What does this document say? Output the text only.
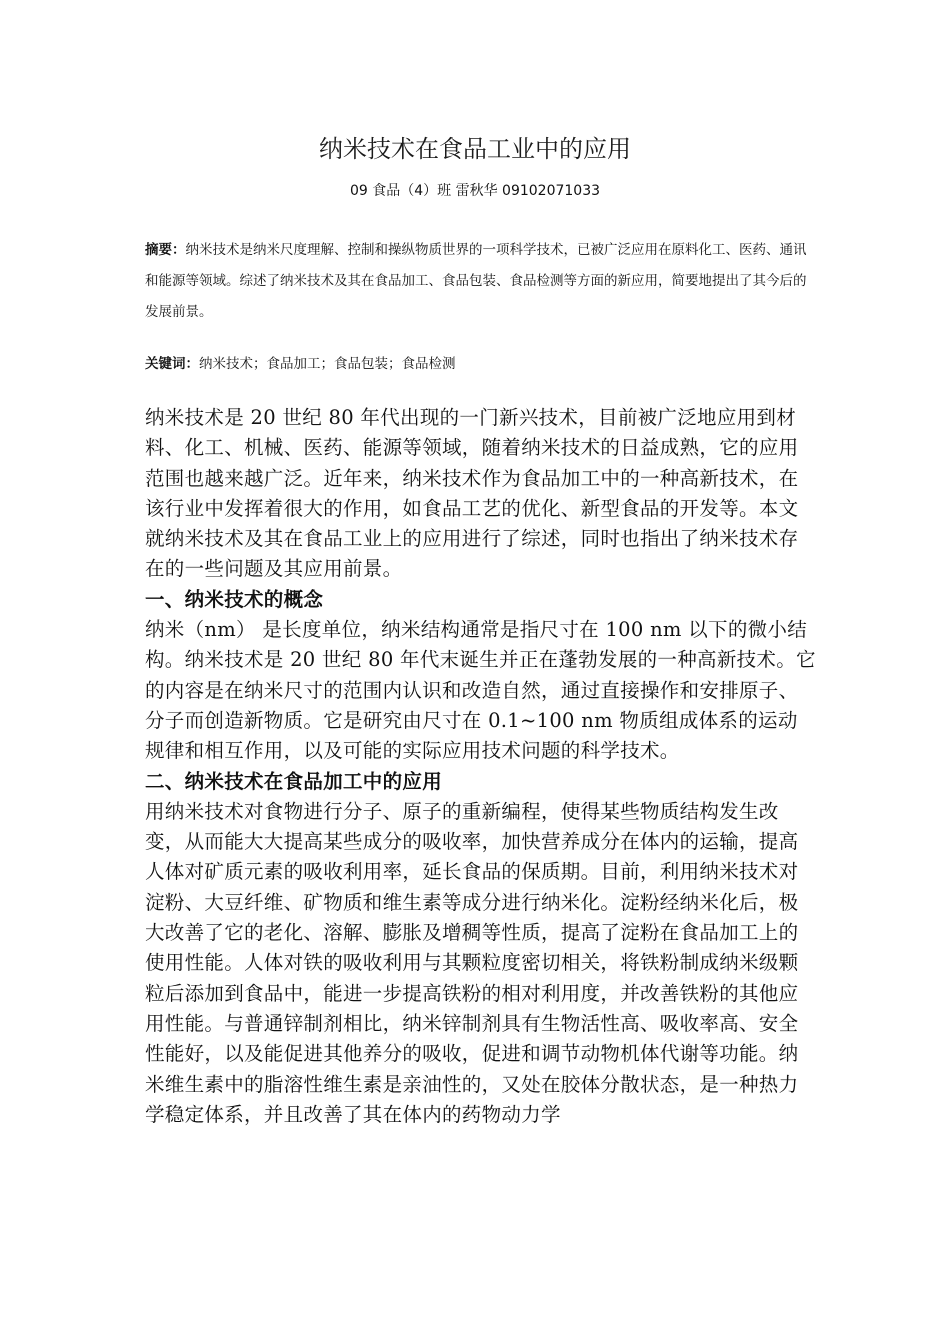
纳米技术在食品工业中的应用
09 食品（4）班 雷秋华 09102071033
摘要：纳米技术是纳米尺度理解、控制和操纵物质世界的一项科学技术，已被广泛应用在原料化工、医药、通讯和能源等领域。综述了纳米技术及其在食品加工、食品包装、食品检测等方面的新应用，简要地提出了其今后的发展前景。
关键词：纳米技术；食品加工；食品包装；食品检测

纳米技术是 20 世纪 80 年代出现的一门新兴技术，目前被广泛地应用到材料、化工、机械、医药、能源等领域，随着纳米技术的日益成熟，它的应用范围也越来越广泛。近年来，纳米技术作为食品加工中的一种高新技术，在该行业中发挥着很大的作用，如食品工艺的优化、新型食品的开发等。本文就纳米技术及其在食品工业上的应用进行了综述，同时也指出了纳米技术存在的一些问题及其应用前景。

一、纳米技术的概念

纳米（nm） 是长度单位，纳米结构通常是指尺寸在 100 nm 以下的微小结构。纳米技术是 20 世纪 80 年代末诞生并正在蓬勃发展的一种高新技术。它的内容是在纳米尺寸的范围内认识和改造自然，通过直接操作和安排原子、分子而创造新物质。它是研究由尺寸在 0.1~100 nm 物质组成体系的运动规律和相互作用，以及可能的实际应用技术问题的科学技术。

二、纳米技术在食品加工中的应用

用纳米技术对食物进行分子、原子的重新编程，使得某些物质结构发生改变，从而能大大提高某些成分的吸收率，加快营养成分在体内的运输，提高人体对矿质元素的吸收利用率，延长食品的保质期。目前，利用纳米技术对淀粉、大豆纤维、矿物质和维生素等成分进行纳米化。淀粉经纳米化后，极大改善了它的老化、溶解、膨胀及增稠等性质，提高了淀粉在食品加工上的使用性能。人体对铁的吸收利用与其颗粒度密切相关，将铁粉制成纳米级颗粒后添加到食品中，能进一步提高铁粉的相对利用度，并改善铁粉的其他应用性能。与普通锌制剂相比，纳米锌制剂具有生物活性高、吸收率高、安全性能好，以及能促进其他养分的吸收，促进和调节动物机体代谢等功能。纳米维生素中的脂溶性维生素是亲油性的，又处在胶体分散状态，是一种热力学稳定体系，并且改善了其在体内的药物动力学
